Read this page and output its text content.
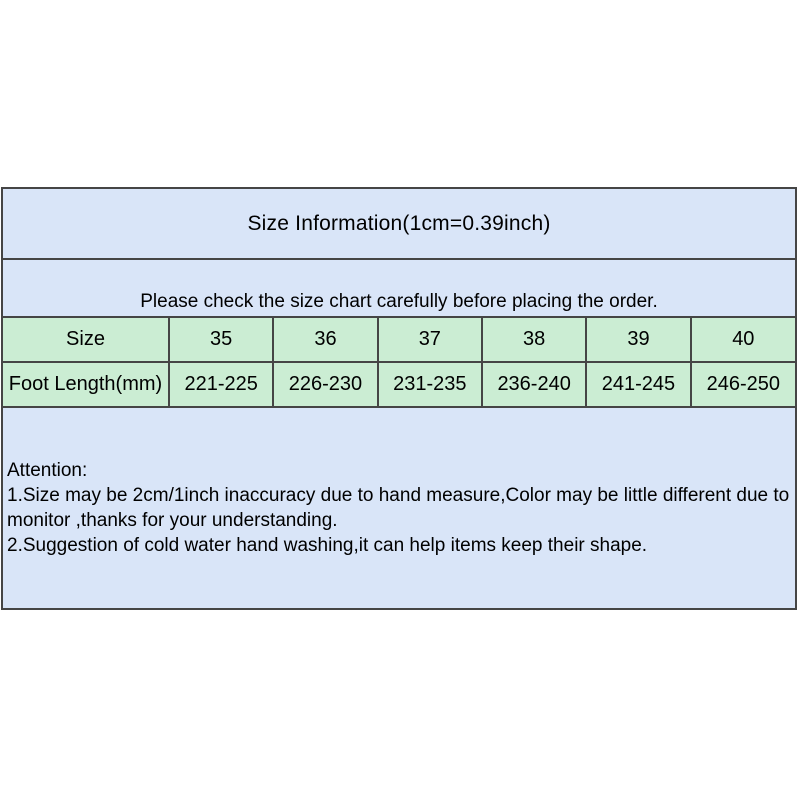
Size Information(1cm=0.39inch)
Please check the size chart carefully before placing the order.
Size	35	36	37	38	39	40
Foot Length(mm)	221-225	226-230	231-235	236-240	241-245	246-250
Attention:
1.Size may be 2cm/1inch inaccuracy due to hand measure,Color may be little different due to
monitor ,thanks for your understanding.
2.Suggestion of cold water hand washing,it can help items keep their shape.
